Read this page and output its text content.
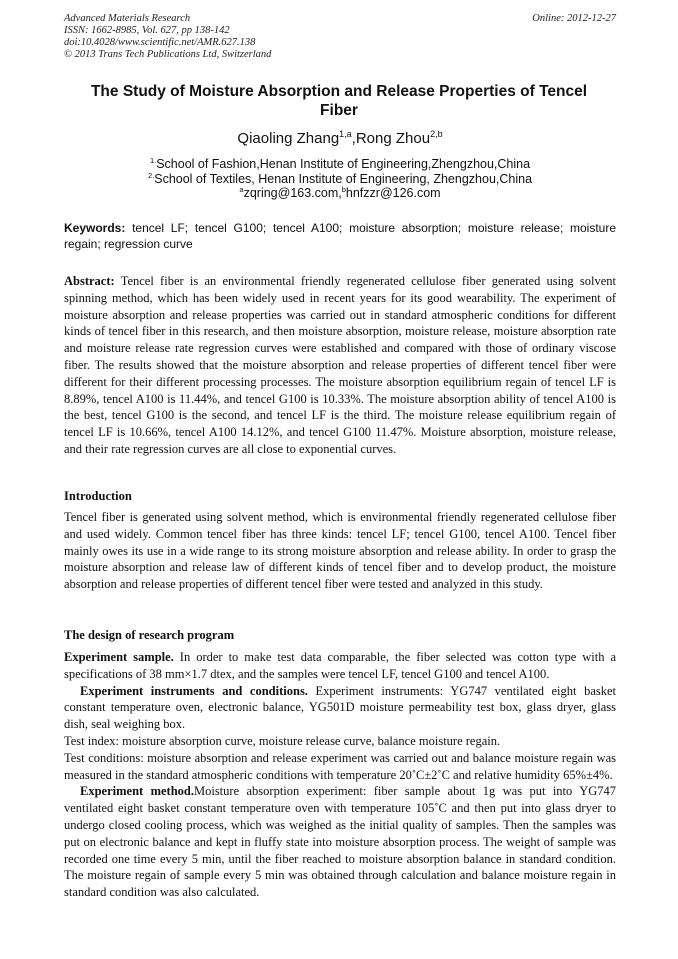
Advanced Materials Research
ISSN: 1662-8985, Vol. 627, pp 138-142
doi:10.4028/www.scientific.net/AMR.627.138
© 2013 Trans Tech Publications Ltd, Switzerland
Online: 2012-12-27
The Study of Moisture Absorption and Release Properties of Tencel Fiber
Qiaoling Zhang$^{1,a}$,Rong Zhou$^{2,b}$
$^{1.}$School of Fashion,Henan Institute of Engineering,Zhengzhou,China
$^{2.}$School of Textiles, Henan Institute of Engineering, Zhengzhou,China
$^a$zqring@163.com,$^b$hnfzzr@126.com
Keywords: tencel LF; tencel G100; tencel A100; moisture absorption; moisture release; moisture regain; regression curve
Abstract: Tencel fiber is an environmental friendly regenerated cellulose fiber generated using solvent spinning method, which has been widely used in recent years for its good wearability. The experiment of moisture absorption and release properties was carried out in standard atmospheric conditions for different kinds of tencel fiber in this research, and then moisture absorption, moisture release, moisture absorption rate and moisture release rate regression curves were established and compared with those of ordinary viscose fiber. The results showed that the moisture absorption and release properties of different tencel fiber were different for their different processing processes. The moisture absorption equilibrium regain of tencel LF is 8.89%, tencel A100 is 11.44%, and tencel G100 is 10.33%. The moisture absorption ability of tencel A100 is the best, tencel G100 is the second, and tencel LF is the third. The moisture release equilibrium regain of tencel LF is 10.66%, tencel A100 14.12%, and tencel G100 11.47%. Moisture absorption, moisture release, and their rate regression curves are all close to exponential curves.
Introduction
Tencel fiber is generated using solvent method, which is environmental friendly regenerated cellulose fiber and used widely. Common tencel fiber has three kinds: tencel LF; tencel G100, tencel A100. Tencel fiber mainly owes its use in a wide range to its strong moisture absorption and release ability. In order to grasp the moisture absorption and release law of different kinds of tencel fiber and to develop product, the moisture absorption and release properties of different tencel fiber were tested and analyzed in this study.
The design of research program

Experiment sample. In order to make test data comparable, the fiber selected was cotton type with a specifications of 38 mm×1.7 dtex, and the samples were tencel LF, tencel G100 and tencel A100.

Experiment instruments and conditions. Experiment instruments: YG747 ventilated eight basket constant temperature oven, electronic balance, YG501D moisture permeability test box, glass dryer, glass dish, seal weighing box.

Test index: moisture absorption curve, moisture release curve, balance moisture regain.

Test conditions: moisture absorption and release experiment was carried out and balance moisture regain was measured in the standard atmospheric conditions with temperature 20˚C±2˚C and relative humidity 65%±4%.

Experiment method.Moisture absorption experiment: fiber sample about 1g was put into YG747 ventilated eight basket constant temperature oven with temperature 105˚C and then put into glass dryer to undergo closed cooling process, which was weighed as the initial quality of samples. Then the samples was put on electronic balance and kept in fluffy state into moisture absorption process. The weight of sample was recorded one time every 5 min, until the fiber reached to moisture absorption balance in standard condition. The moisture regain of sample every 5 min was obtained through calculation and balance moisture regain in standard condition was also calculated.
